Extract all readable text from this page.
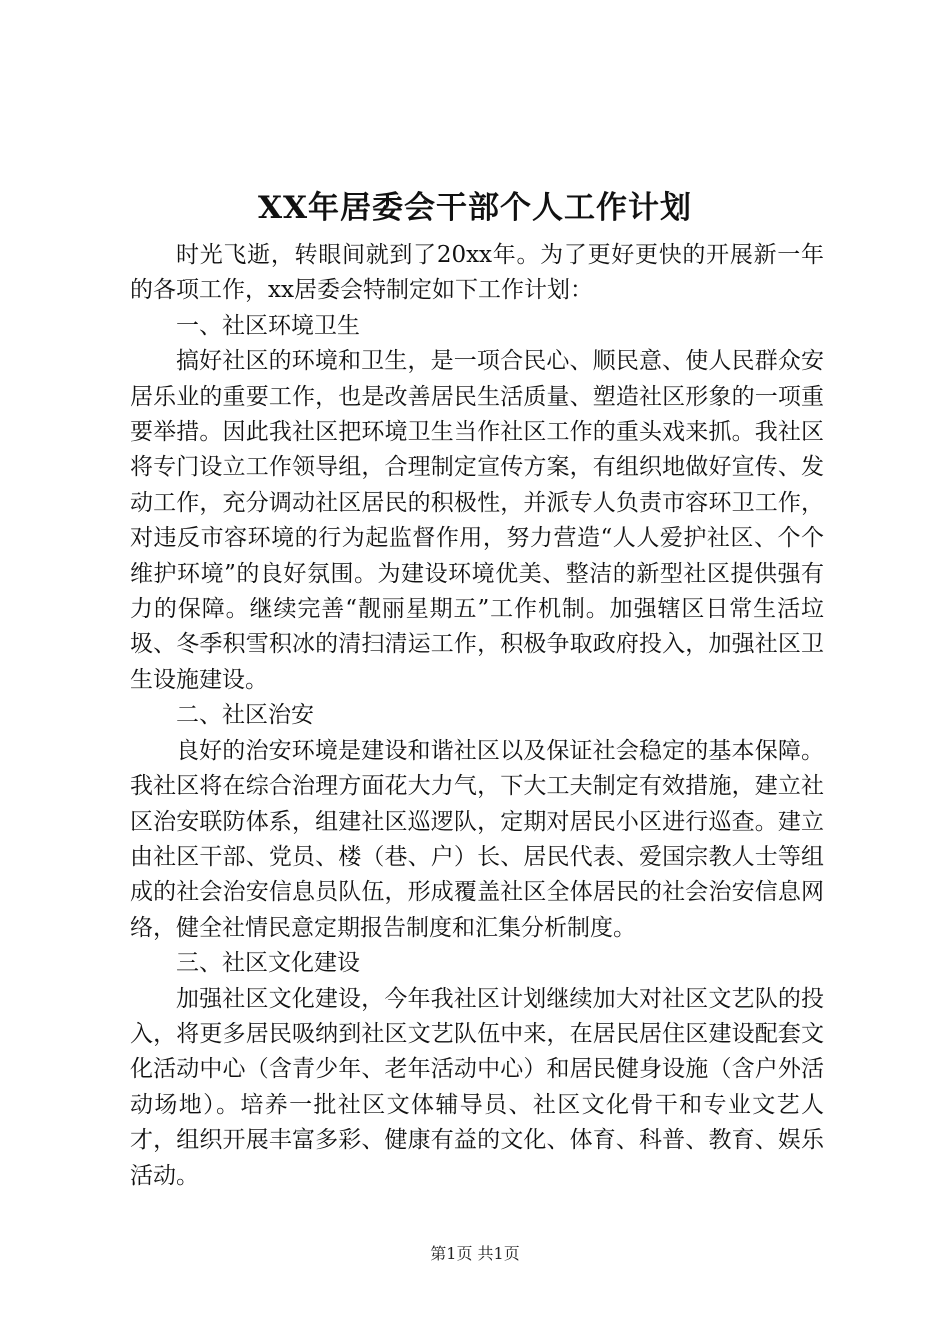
XX年居委会干部个人工作计划

时光飞逝，转眼间就到了20xx年。为了更好更快的开展新一年的各项工作，xx居委会特制定如下工作计划：

一、社区环境卫生

搞好社区的环境和卫生，是一项合民心、顺民意、使人民群众安居乐业的重要工作，也是改善居民生活质量、塑造社区形象的一项重要举措。因此我社区把环境卫生当作社区工作的重头戏来抓。我社区将专门设立工作领导组，合理制定宣传方案，有组织地做好宣传、发动工作，充分调动社区居民的积极性，并派专人负责市容环卫工作，对违反市容环境的行为起监督作用，努力营造“人人爱护社区、个个维护环境”的良好氛围。为建设环境优美、整洁的新型社区提供强有力的保障。继续完善“靓丽星期五”工作机制。加强辖区日常生活垃圾、冬季积雪积冰的清扫清运工作，积极争取政府投入，加强社区卫生设施建设。

二、社区治安

良好的治安环境是建设和谐社区以及保证社会稳定的基本保障。我社区将在综合治理方面花大力气，下大工夫制定有效措施，建立社区治安联防体系，组建社区巡逻队，定期对居民小区进行巡查。建立由社区干部、党员、楼（巷、户）长、居民代表、爱国宗教人士等组成的社会治安信息员队伍，形成覆盖社区全体居民的社会治安信息网络，健全社情民意定期报告制度和汇集分析制度。

三、社区文化建设

加强社区文化建设，今年我社区计划继续加大对社区文艺队的投入，将更多居民吸纳到社区文艺队伍中来，在居民居住区建设配套文化活动中心（含青少年、老年活动中心）和居民健身设施（含户外活动场地）。培养一批社区文体辅导员、社区文化骨干和专业文艺人才，组织开展丰富多彩、健康有益的文化、体育、科普、教育、娱乐活动。

第1页 共1页
